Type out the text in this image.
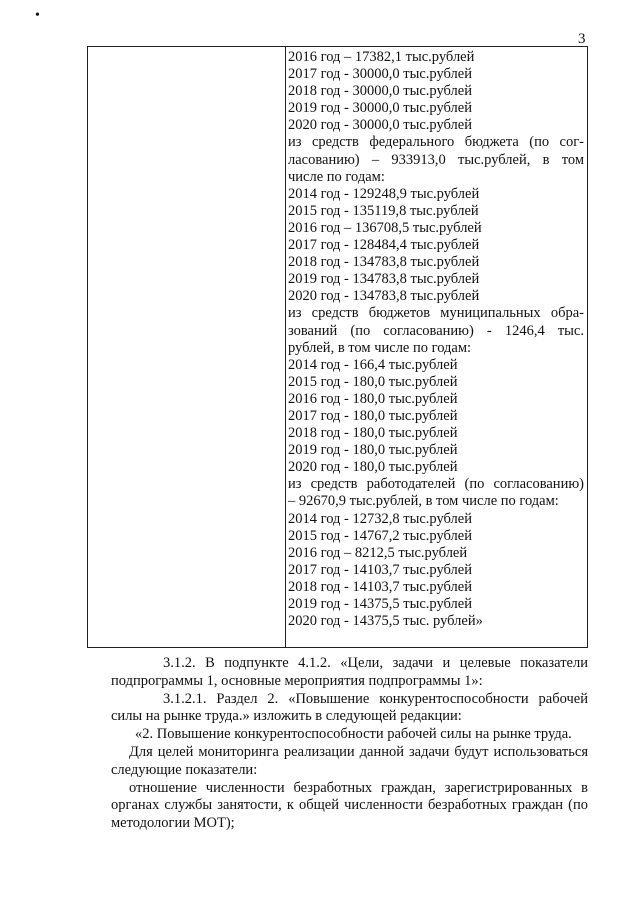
•
3
2016 год – 17382,1 тыс.рублей
2017 год - 30000,0 тыс.рублей
2018 год - 30000,0 тыс.рублей
2019 год - 30000,0 тыс.рублей
2020 год - 30000,0 тыс.рублей
из средств федерального бюджета (по сог-
ласованию) – 933913,0 тыс.рублей, в том
числе по годам:
2014 год - 129248,9 тыс.рублей
2015 год - 135119,8 тыс.рублей
2016 год – 136708,5 тыс.рублей
2017 год - 128484,4 тыс.рублей
2018 год - 134783,8 тыс.рублей
2019 год - 134783,8 тыс.рублей
2020 год - 134783,8 тыс.рублей
из средств бюджетов муниципальных обра-
зований (по согласованию) - 1246,4 тыс.
рублей, в том числе по годам:
2014 год - 166,4 тыс.рублей
2015 год - 180,0 тыс.рублей
2016 год - 180,0 тыс.рублей
2017 год - 180,0 тыс.рублей
2018 год - 180,0 тыс.рублей
2019 год - 180,0 тыс.рублей
2020 год - 180,0 тыс.рублей
из средств работодателей (по согласованию)
– 92670,9 тыс.рублей, в том числе по годам:
2014 год - 12732,8 тыс.рублей
2015 год - 14767,2 тыс.рублей
2016 год – 8212,5 тыс.рублей
2017 год - 14103,7 тыс.рублей
2018 год - 14103,7 тыс.рублей
2019 год - 14375,5 тыс.рублей
2020 год - 14375,5 тыс. рублей»

3.1.2. В подпункте 4.1.2. «Цели, задачи и целевые показатели подпрограммы 1, основные мероприятия подпрограммы 1»:

3.1.2.1. Раздел 2. «Повышение конкурентоспособности рабочей силы на рынке труда.» изложить в следующей редакции:

«2. Повышение конкурентоспособности рабочей силы на рынке труда.

Для целей мониторинга реализации данной задачи будут использоваться следующие показатели:

отношение численности безработных граждан, зарегистрированных в органах службы занятости, к общей численности безработных граждан (по методологии МОТ);
